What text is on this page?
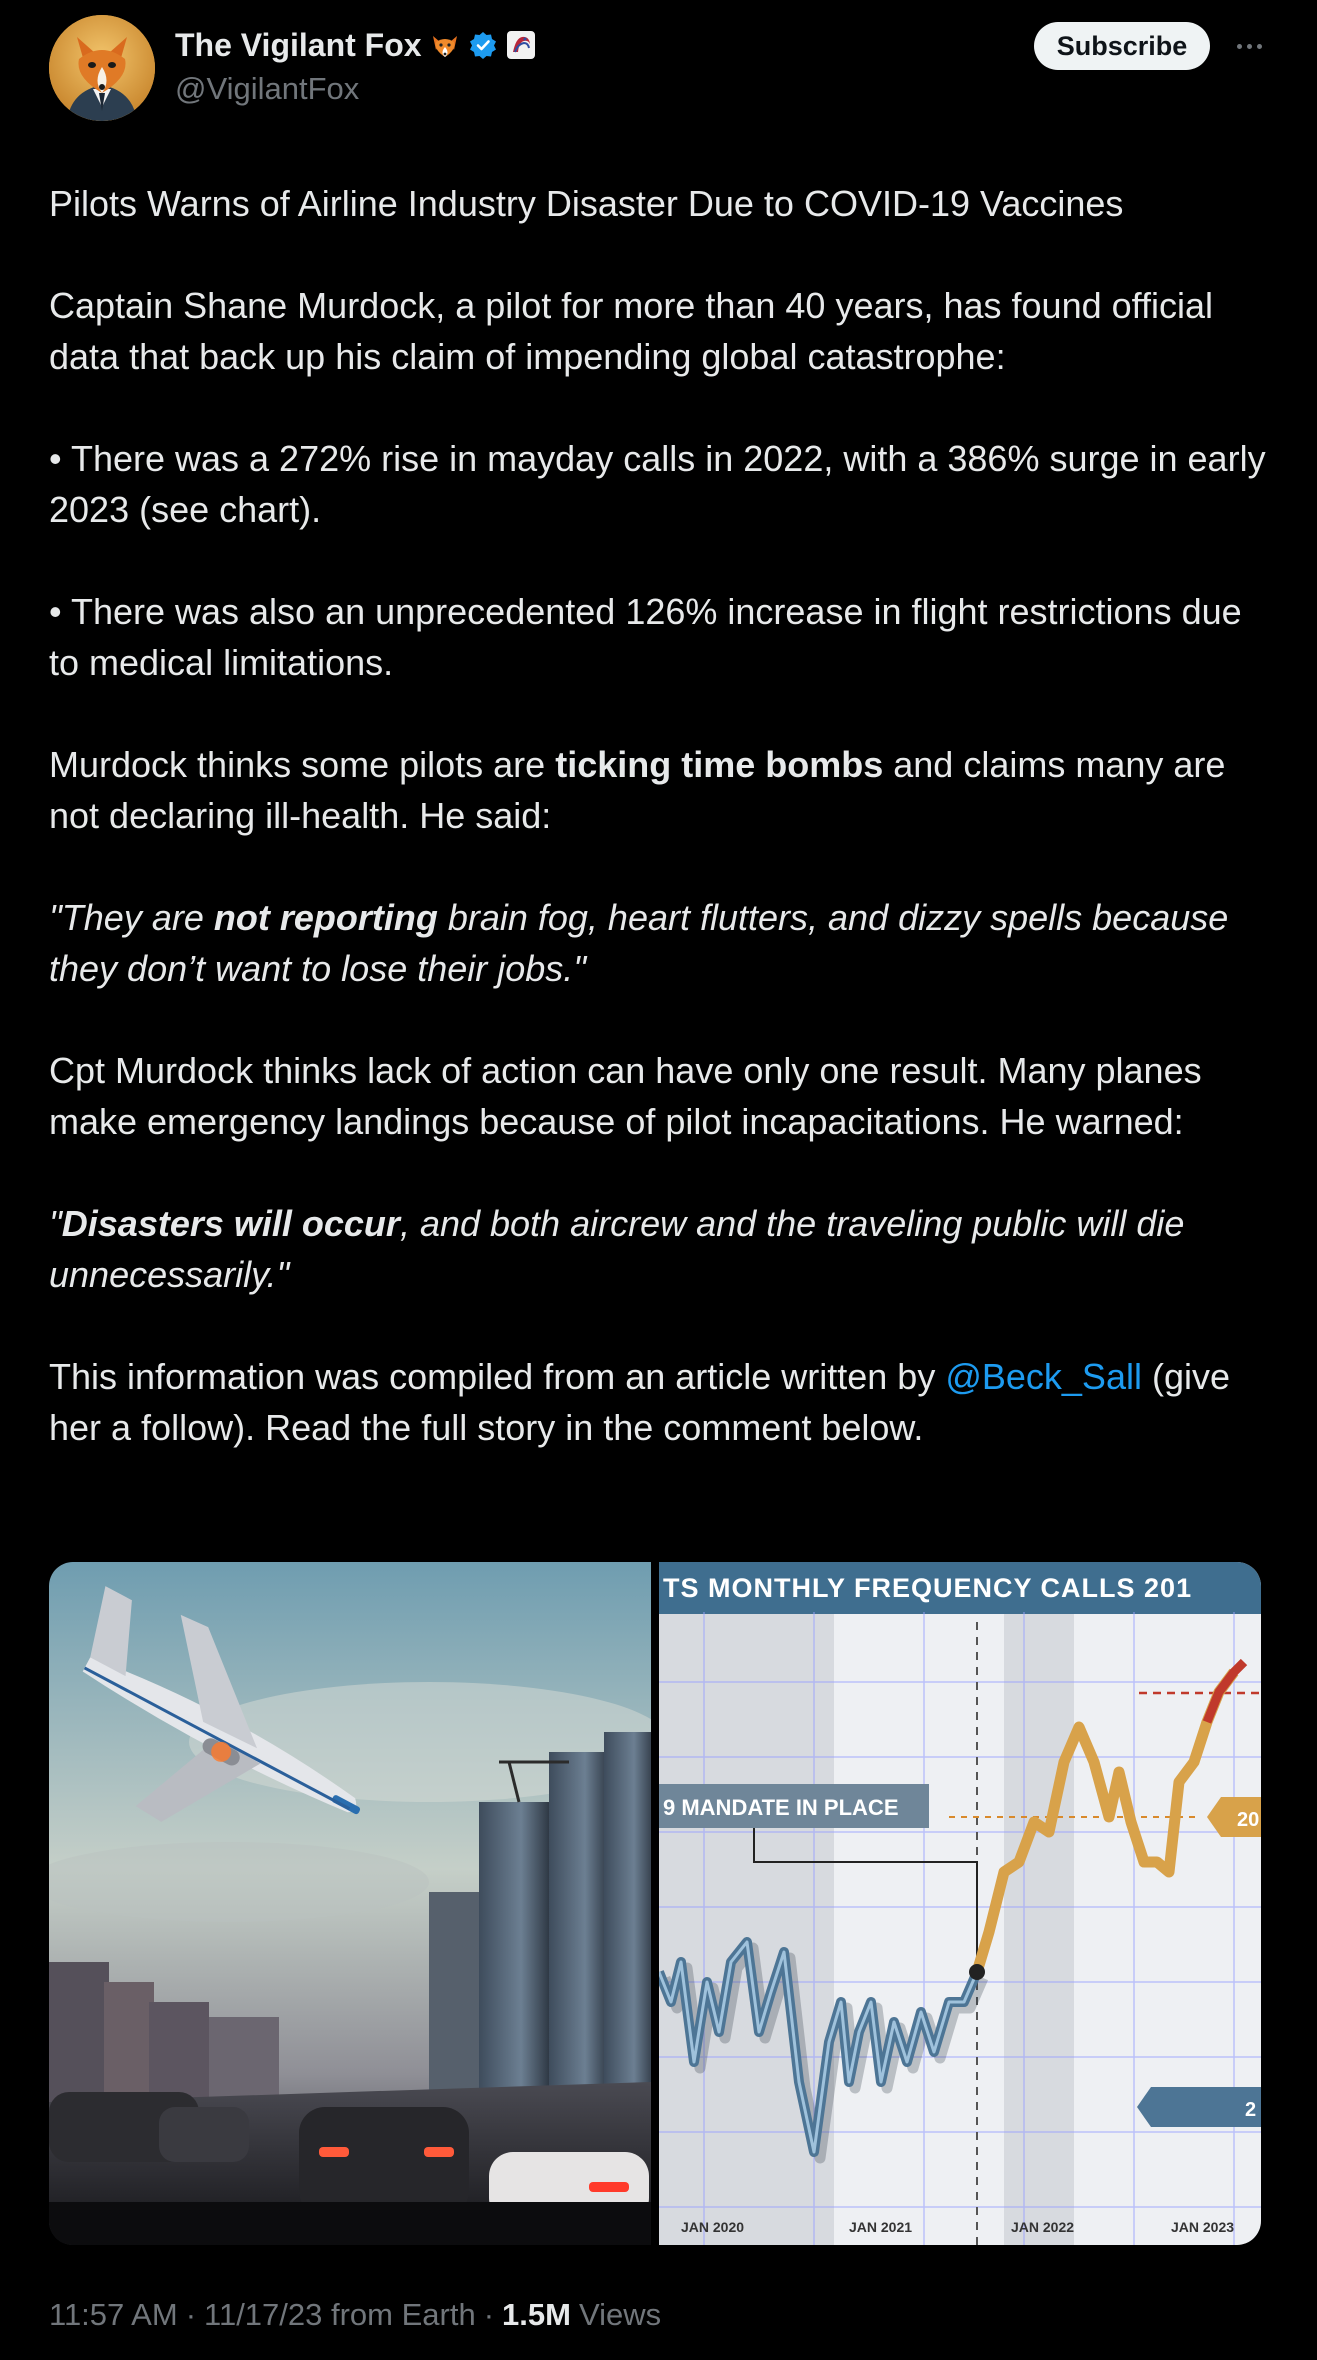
The Vigilant Fox
@VigilantFox
Subscribe
Pilots Warns of Airline Industry Disaster Due to COVID-19 Vaccines
Captain Shane Murdock, a pilot for more than 40 years, has found official data that back up his claim of impending global catastrophe:
• There was a 272% rise in mayday calls in 2022, with a 386% surge in early 2023 (see chart).
• There was also an unprecedented 126% increase in flight restrictions due to medical limitations.
Murdock thinks some pilots are ticking time bombs and claims many are not declaring ill-health. He said:
"They are not reporting brain fog, heart flutters, and dizzy spells because they don’t want to lose their jobs."
Cpt Murdock thinks lack of action can have only one result. Many planes make emergency landings because of pilot incapacitations. He warned:
"Disasters will occur, and both aircrew and the traveling public will die unnecessarily."
This information was compiled from an article written by @Beck_Sall (give her a follow). Read the full story in the comment below.
TS MONTHLY FREQUENCY CALLS 201
9 MANDATE IN PLACE	20
2
JAN 2020	JAN 2021	JAN 2022	JAN 2023
11:57 AM · 11/17/23 from Earth · 1.5M Views
